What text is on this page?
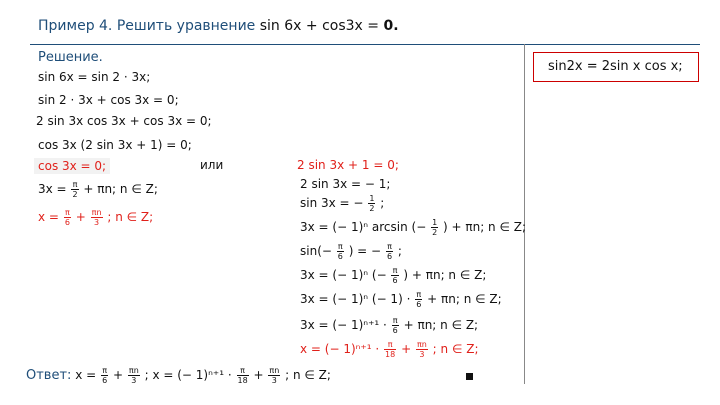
Пример 4. Решить уравнение sin 6x + cos3x = 0.
Решение.
sin2x = 2sin x cos x;
sin 6x = sin 2 · 3x;
sin 2 · 3x + cos 3x = 0;
2 sin 3x cos 3x + cos 3x = 0;
cos 3x (2 sin 3x + 1) = 0;
cos 3x = 0;	или
$3x = \frac{\pi}{2} + \pi n$; n ∈ Z;
$x = \frac{\pi}{6} + \frac{\pi n}{3}$ ; n ∈ Z;
2 sin 3x + 1 = 0;
2 sin 3x = − 1;
sin 3x = − $\frac{1}{2}$ ;
3x = (− 1)ⁿ arcsin (− $\frac{1}{2}$ ) + πn; n ∈ Z;
$\sin(- \frac{\pi}{6}$ ) = − $\frac{\pi}{6}$ ;
3x = (− 1)ⁿ (− $\frac{\pi}{6}$ ) + πn; n ∈ Z;
3x = (− 1)ⁿ (− $1) \cdot \frac{\pi}{6} + \pi n$; n ∈ Z;
3x = (− $1)^{n+1} \cdot \frac{\pi}{6} + \pi n$; n ∈ Z;
x = (− $1)^{n+1} \cdot \frac{\pi}{18} + \frac{\pi n}{3}$ ; n ∈ Z;
Ответ: $x = \frac{\pi}{6} + \frac{\pi n}{3}$ ; x = (− $1)^{n+1} \cdot \frac{\pi}{18} + \frac{\pi n}{3}$ ; n ∈ Z;
